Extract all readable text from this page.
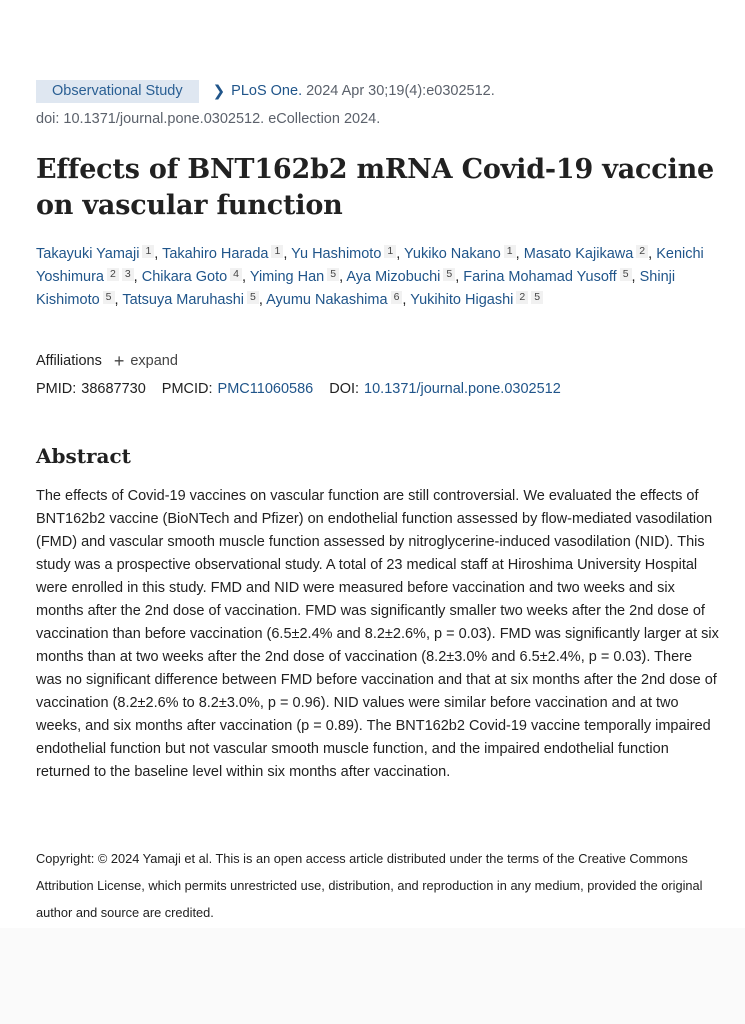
Observational Study	❯ PLoS One. 2024 Apr 30;19(4):e0302512.
doi: 10.1371/journal.pone.0302512. eCollection 2024.
Effects of BNT162b2 mRNA Covid-19 vaccine on vascular function
Takayuki Yamaji 1 , Takahiro Harada 1 , Yu Hashimoto 1 , Yukiko Nakano 1 , Masato Kajikawa 2 , Kenichi Yoshimura 2 3 , Chikara Goto 4 , Yiming Han 5 , Aya Mizobuchi 5 , Farina Mohamad Yusoff 5 , Shinji Kishimoto 5 , Tatsuya Maruhashi 5 , Ayumu Nakashima 6 , Yukihito Higashi 2 5
Affiliations + expand
PMID: 38687730 PMCID: PMC11060586 DOI: 10.1371/journal.pone.0302512
Abstract

The effects of Covid-19 vaccines on vascular function are still controversial. We evaluated the effects of BNT162b2 vaccine (BioNTech and Pfizer) on endothelial function assessed by flow-mediated vasodilation (FMD) and vascular smooth muscle function assessed by nitroglycerine-induced vasodilation (NID). This study was a prospective observational study. A total of 23 medical staff at Hiroshima University Hospital were enrolled in this study. FMD and NID were measured before vaccination and two weeks and six months after the 2nd dose of vaccination. FMD was significantly smaller two weeks after the 2nd dose of vaccination than before vaccination (6.5±2.4% and 8.2±2.6%, p = 0.03). FMD was significantly larger at six months than at two weeks after the 2nd dose of vaccination (8.2±3.0% and 6.5±2.4%, p = 0.03). There was no significant difference between FMD before vaccination and that at six months after the 2nd dose of vaccination (8.2±2.6% to 8.2±3.0%, p = 0.96). NID values were similar before vaccination and at two weeks, and six months after vaccination (p = 0.89). The BNT162b2 Covid-19 vaccine temporally impaired endothelial function but not vascular smooth muscle function, and the impaired endothelial function returned to the baseline level within six months after vaccination.

Copyright: © 2024 Yamaji et al. This is an open access article distributed under the terms of the Creative Commons Attribution License, which permits unrestricted use, distribution, and reproduction in any medium, provided the original author and source are credited.
